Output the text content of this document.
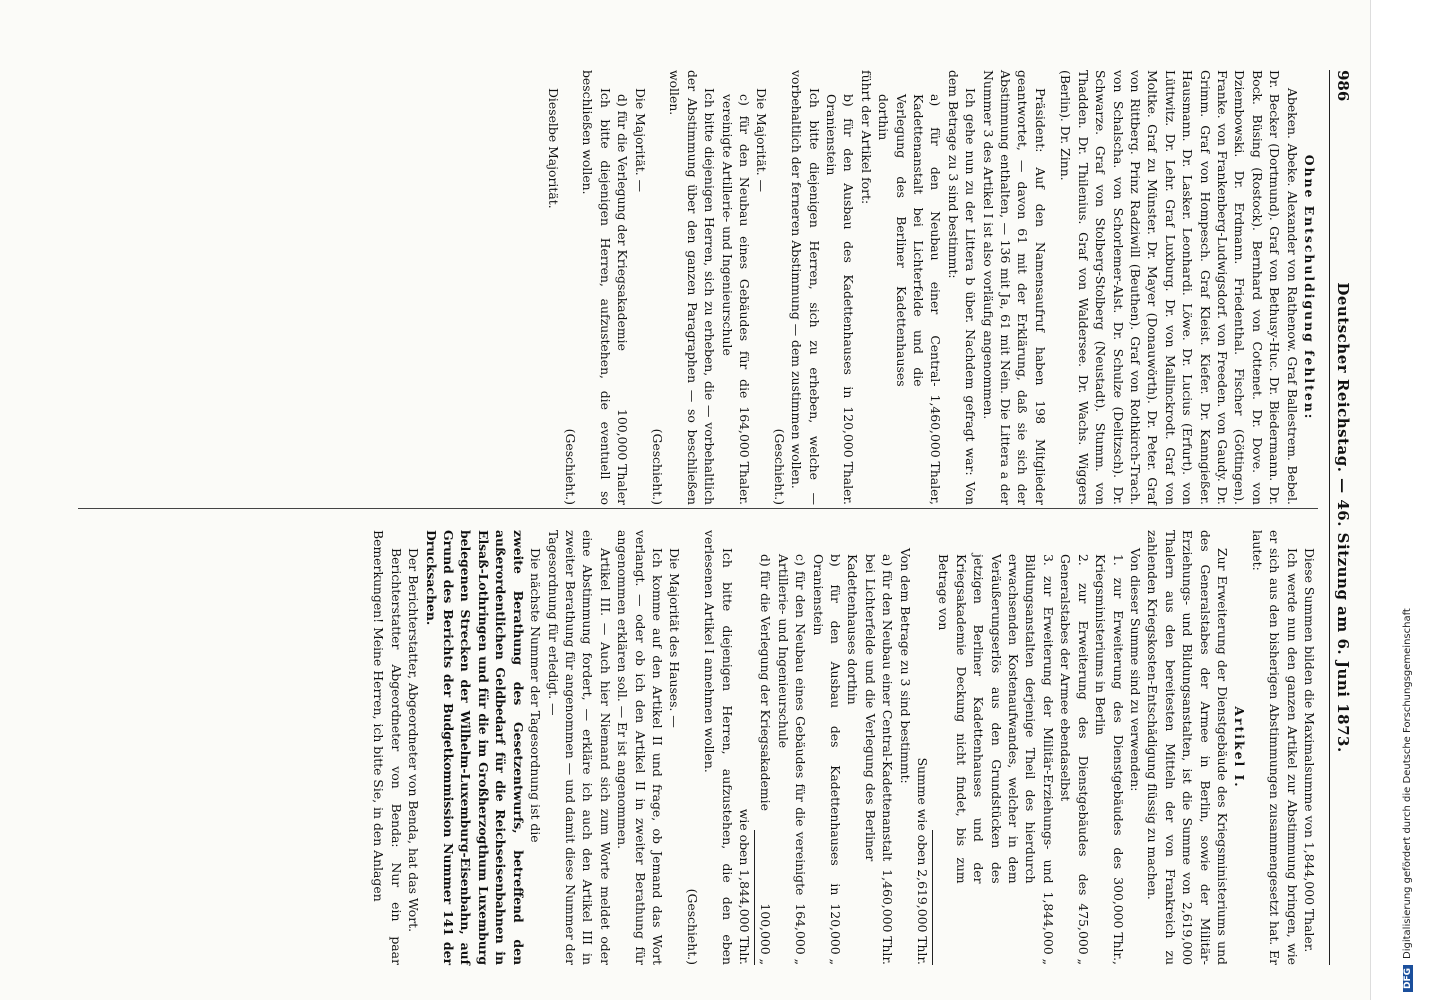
Deutscher Reichstag. — 46. Sitzung am 6. Juni 1873.
986

Ohne Entschuldigung fehlten:

Abeken. Abeke. Alexander von Rathenow. Graf Ballestrem. Bebel. Dr. Becker (Dortmund). Graf von Bethusy-Huc. Dr. Biedermann. Dr. Bock. Büsing (Rostock). Bernhard von Cottenet. Dr. Dove. von Dziembowski. Dr. Erdmann. Friedenthal. Fischer (Göttingen). Franke. von Frankenberg-Ludwigsdorf. von Freeden. von Gaudy. Dr. Grimm. Graf von Hompesch. Graf Kleist. Kiefer. Dr. Kanngießer. Hausmann. Dr. Lasker. Leonhardi. Löwe. Dr. Lucius (Erfurt). von Lüttwitz. Dr. Lehr. Graf Luxburg. Dr. von Mallinckrodt. Graf von Moltke. Graf zu Münster. Dr. Mayer (Donauwörth). Dr. Peter. Graf von Rittberg. Prinz Radziwill (Beuthen). Graf von Rothkirch-Trach. von Schalscha. von Schorlemer-Alst. Dr. Schulze (Delitzsch). Dr. Schwarze. Graf von Stolberg-Stolberg (Neustadt). Stumm. von Thadden. Dr. Thilenius. Graf von Waldersee. Dr. Wachs. Wiggers (Berlin). Dr. Zinn.

Präsident: Auf den Namensaufruf haben 198 Mitglieder geantwortet, — davon 61 mit der Erklärung, daß sie sich der Abstimmung enthalten, — 136 mit Ja, 61 mit Nein. Die Littera a der Nummer 3 des Artikel I ist also vorläufig angenommen.

Ich gehe nun zu der Littera b über. Nachdem gefragt war: Von dem Betrage zu 3 sind bestimmt:

a) für den Neubau einer Central-Kadettenanstalt bei Lichterfelde und die Verlegung des Berliner Kadettenhauses dorthin
1,460,000 Thaler,

führt der Artikel fort:

b) für den Ausbau des Kadettenhauses in Oranienstein
120,000 Thaler.

Ich bitte diejenigen Herren, sich zu erheben, welche — vorbehaltlich der ferneren Abstimmung — dem zustimmen wollen.

(Geschieht.)

Die Majorität. —

c) für den Neubau eines Gebäudes für die vereinigte Artillerie- und Ingenieurschule
164,000 Thaler.

Ich bitte diejenigen Herren, sich zu erheben, die — vorbehaltlich der Abstimmung über den ganzen Paragraphen — so beschließen wollen.

(Geschieht.)

Die Majorität. —

d) für die Verlegung der Kriegsakademie
100,000 Thaler

Ich bitte diejenigen Herren, aufzustehen, die eventuell so beschließen wollen.

(Geschieht.)

Dieselbe Majorität.

Diese Summen bilden die Maximalsumme von 1,844,000 Thaler.

Ich werde nun den ganzen Artikel zur Abstimmung bringen, wie er sich aus den bisherigen Abstimmungen zusammengesetzt hat. Er lautet:

Artikel I.

Zur Erweiterung der Dienstgebäude des Kriegsministeriums und des Generalstabes der Armee in Berlin, sowie der Militär-Erziehungs- und Bildungsanstalten, ist die Summe von 2,619,000 Thalern aus den bereitesten Mitteln der von Frankreich zu zahlenden Kriegskosten-Entschädigung flüssig zu machen.

Von dieser Summe sind zu verwenden:

1. zur Erweiterung des Dienstgebäudes des Kriegsministeriums in Berlin
300,000 Thlr.,
2. zur Erweiterung des Dienstgebäudes des Generalstabes der Armee ebendaselbst
475,000 „
3. zur Erweiterung der Militär-Erziehungs- und Bildungsanstalten derjenige Theil des hierdurch erwachsenden Kostenaufwandes, welcher in dem Veräußerungserlös aus den Grundstücken des jetzigen Berliner Kadettenhauses und der Kriegsakademie Deckung nicht findet, bis zum Betrage von
1,844,000 „

Summe wie oben 2,619,000 Thlr.

Von dem Betrage zu 3 sind bestimmt:

a) für den Neubau einer Central-Kadettenanstalt bei Lichterfelde und die Verlegung des Berliner Kadettenhauses dorthin
1,460,000 Thlr.
b) für den Ausbau des Kadettenhauses in Oranienstein
120,000 „
c) für den Neubau eines Gebäudes für die vereinigte Artillerie- und Ingenieurschule
164,000 „
d) für die Verlegung der Kriegsakademie
100,000 „

wie oben 1,844,000 Thlr.

Ich bitte diejenigen Herren, aufzustehen, die den eben verlesenen Artikel I annehmen wollen.

(Geschieht.)

Die Majorität des Hauses. —

Ich komme auf den Artikel II und frage, ob Jemand das Wort verlangt. — oder ob ich den Artikel II in zweiter Berathung für angenommen erklären soll. — Er ist angenommen.

Artikel III. — Auch hier Niemand sich zum Worte meldet oder eine Abstimmung fordert, — erkläre ich auch den Artikel III in zweiter Berathung für angenommen — und damit diese Nummer der Tagesordnung für erledigt. —

Die nächste Nummer der Tagesordnung ist die

zweite Berathung des Gesetzentwurfs, betreffend den außerordentlichen Geldbedarf für die Reichseisenbahnen in Elsaß-Lothringen und für die im Großherzogthum Luxemburg belegenen Strecken der Wilhelm-Luxemburg-Eisenbahn, auf Grund des Berichts der Budgetkommission Nummer 141 der Drucksachen.

Der Berichterstatter, Abgeordneter von Benda, hat das Wort.

Berichterstatter Abgeordneter von Benda: Nur ein paar Bemerkungen! Meine Herren, ich bitte Sie, in den Anlagen

DFGDigitalisierung gefördert durch die Deutsche Forschungsgemeinschaft
